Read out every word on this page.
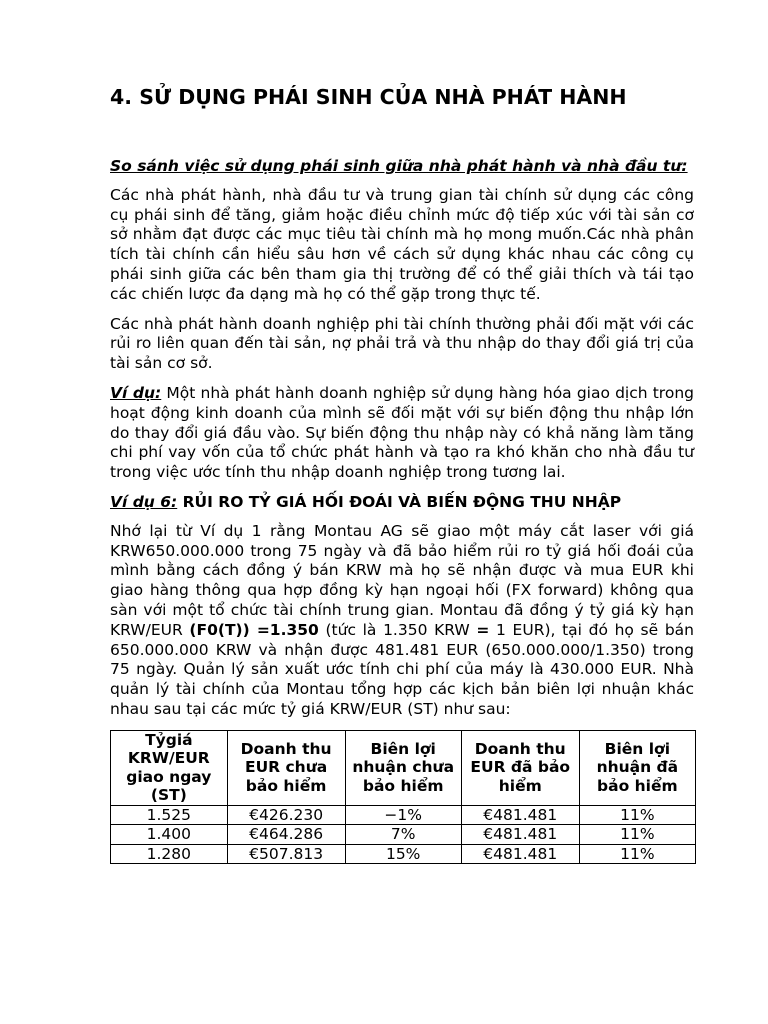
4. SỬ DỤNG PHÁI SINH CỦA NHÀ PHÁT HÀNH
So sánh việc sử dụng phái sinh giữa nhà phát hành và nhà đầu tư:

Các nhà phát hành, nhà đầu tư và trung gian tài chính sử dụng các công cụ phái sinh để tăng, giảm hoặc điều chỉnh mức độ tiếp xúc với tài sản cơ sở nhằm đạt được các mục tiêu tài chính mà họ mong muốn.Các nhà phân tích tài chính cần hiểu sâu hơn về cách sử dụng khác nhau các công cụ phái sinh giữa các bên tham gia thị trường để có thể giải thích và tái tạo các chiến lược đa dạng mà họ có thể gặp trong thực tế.

Các nhà phát hành doanh nghiệp phi tài chính thường phải đối mặt với các rủi ro liên quan đến tài sản, nợ phải trả và thu nhập do thay đổi giá trị của tài sản cơ sở.

Ví dụ: Một nhà phát hành doanh nghiệp sử dụng hàng hóa giao dịch trong hoạt động kinh doanh của mình sẽ đối mặt với sự biến động thu nhập lớn do thay đổi giá đầu vào. Sự biến động thu nhập này có khả năng làm tăng chi phí vay vốn của tổ chức phát hành và tạo ra khó khăn cho nhà đầu tư trong việc ước tính thu nhập doanh nghiệp trong tương lai.

Ví dụ 6: RỦI RO TỶ GIÁ HỐI ĐOÁI VÀ BIẾN ĐỘNG THU NHẬP

Nhớ lại từ Ví dụ 1 rằng Montau AG sẽ giao một máy cắt laser với giá KRW650.000.000 trong 75 ngày và đã bảo hiểm rủi ro tỷ giá hối đoái của mình bằng cách đồng ý bán KRW mà họ sẽ nhận được và mua EUR khi giao hàng thông qua hợp đồng kỳ hạn ngoại hối (FX forward) không qua sàn với một tổ chức tài chính trung gian. Montau đã đồng ý tỷ giá kỳ hạn KRW/EUR (F0(T)) =1.350 (tức là 1.350 KRW = 1 EUR), tại đó họ sẽ bán 650.000.000 KRW và nhận được 481.481 EUR (650.000.000/1.350) trong 75 ngày. Quản lý sản xuất ước tính chi phí của máy là 430.000 EUR. Nhà quản lý tài chính của Montau tổng hợp các kịch bản biên lợi nhuận khác nhau sau tại các mức tỷ giá KRW/EUR (ST) như sau:

Tỷgiá KRW/EUR giao ngay (ST)	Doanh thu EUR chưa bảo hiểm	Biên lợi nhuận chưa bảo hiểm	Doanh thu EUR đã bảo hiểm	Biên lợi nhuận đã bảo hiểm
1.525	€426.230	−1%	€481.481	11%
1.400	€464.286	7%	€481.481	11%
1.280	€507.813	15%	€481.481	11%
